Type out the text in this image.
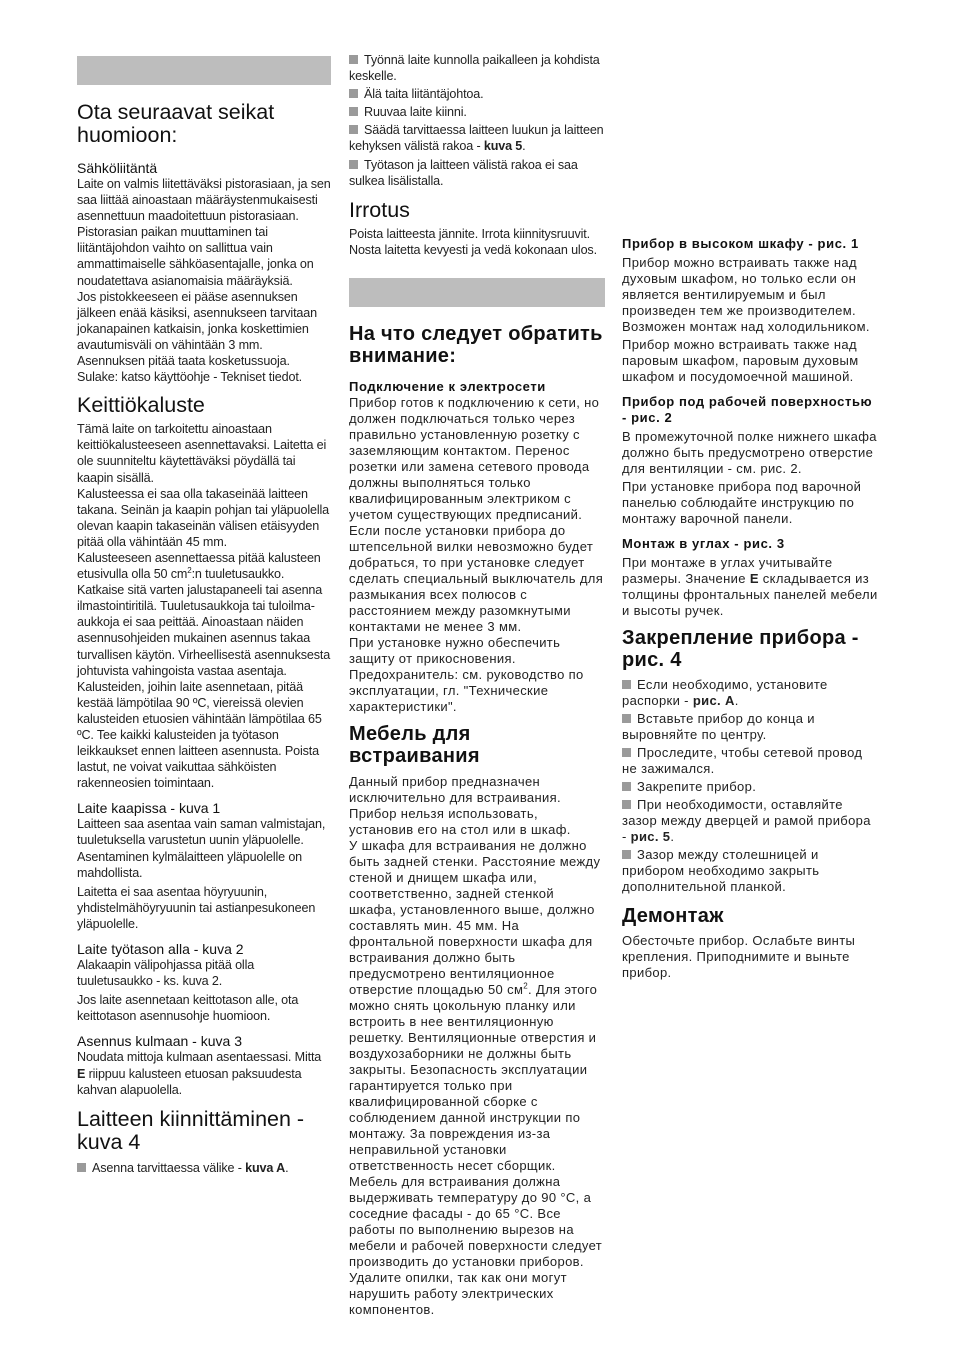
Ota seuraavat seikat huomioon:
Sähköliitäntä

Laite on valmis liitettäväksi pistorasiaan, ja sen saa liittää ainoastaan määräystenmukaisesti asennettuun maadoitettuun pistorasiaan. Pistorasian paikan muuttaminen tai liitäntäjohdon vaihto on sallittua vain ammattimaiselle sähköasentajalle, jonka on noudatettava asianomaisia määräyksiä.

Jos pistokkeeseen ei pääse asennuksen jälkeen enää käsiksi, asennukseen tarvitaan jokanapainen katkaisin, jonka koskettimien avautumisväli on vähintään 3 mm.

Asennuksen pitää taata kosketussuoja. Sulake: katso käyttöohje - Tekniset tiedot.

Keittiökaluste

Tämä laite on tarkoitettu ainoastaan keittiökalusteeseen asennettavaksi. Laitetta ei ole suunniteltu käytettäväksi pöydällä tai kaapin sisällä.

Kalusteessa ei saa olla takaseinää laitteen takana. Seinän ja kaapin pohjan tai yläpuolella olevan kaapin takaseinän välisen etäisyyden pitää olla vähintään 45 mm.

Kalusteeseen asennettaessa pitää kalusteen etusivulla olla 50 $cm^2:n$ tuuletusaukko. Katkaise sitä varten jalustapaneeli tai asenna ilmastointiritilä. Tuuletusaukkoja tai tuloilma-aukkoja ei saa peittää. Ainoastaan näiden asennusohjeiden mukainen asennus takaa turvallisen käytön. Virheellisestä asennuksesta johtuvista vahingoista vastaa asentaja. Kalusteiden, joihin laite asennetaan, pitää kestää lämpötilaa 90 ºC, viereissä olevien kalusteiden etuosien vähintään lämpötilaa 65 ºC. Tee kaikki kalusteiden ja työtason leikkaukset ennen laitteen asennusta. Poista lastut, ne voivat vaikuttaa sähköisten rakenneosien toimintaan.

Laite kaapissa - kuva 1

Laitteen saa asentaa vain saman valmistajan, tuuletuksella varustetun uunin yläpuolelle. Asentaminen kylmälaitteen yläpuolelle on mahdollista.

Laitetta ei saa asentaa höyryuunin, yhdistelmähöyryuunin tai astianpesukoneen yläpuolelle.

Laite työtason alla - kuva 2

Alakaapin välipohjassa pitää olla tuuletusaukko - ks. kuva 2.

Jos laite asennetaan keittotason alle, ota keittotason asennusohje huomioon.

Asennus kulmaan - kuva 3

Noudata mittoja kulmaan asentaessasi. Mitta E riippuu kalusteen etuosan paksuudesta kahvan alapuolella.

Laitteen kiinnittäminen - kuva 4
Asenna tarvittaessa välike - kuva A.
Työnnä laite kunnolla paikalleen ja kohdista keskelle.
Älä taita liitäntäjohtoa.
Ruuvaa laite kiinni.
Säädä tarvittaessa laitteen luukun ja laitteen kehyksen välistä rakoa - kuva 5.
Työtason ja laitteen välistä rakoa ei saa sulkea lisälistalla.
Irrotus

Poista laitteesta jännite. Irrota kiinnitysruuvit. Nosta laitetta kevyesti ja vedä kokonaan ulos.

На что следует обратить внимание:
Подключение к электросети

Прибор готов к подключению к сети, но должен подключаться только через правильно установленную розетку с заземляющим контактом. Перенос розетки или замена сетевого провода должны выполняться только квалифицированным электриком с учетом существующих предписаний.

Если после установки прибора до штепсельной вилки невозможно будет добраться, то при установке следует сделать специальный выключатель для размыкания всех полюсов с расстоянием между разомкнутыми контактами не менее 3 мм.

При установке нужно обеспечить защиту от прикосновения. Предохранитель: см. руководство по эксплуатации, гл. "Технические характеристики".

Мебель для встраивания

Данный прибор предназначен исключительно для встраивания. Прибор нельзя использовать, установив его на стол или в шкаф.

У шкафа для встраивания не должно быть задней стенки. Расстояние между стеной и днищем шкафа или, соответственно, задней стенкой шкафа, установленного выше, должно составлять мин. 45 мм. На фронтальной поверхности шкафа для встраивания должно быть предусмотрено вентиляционное отверстие площадью 50 $см^2$. Для этого можно снять цокольную планку или встроить в нее вентиляционную решетку. Вентиляционные отверстия и воздухозаборники не должны быть закрыты. Безопасность эксплуатации гарантируется только при квалифицированной сборке с соблюдением данной инструкции по монтажу. За повреждения из-за неправильной установки ответственность несет сборщик. Мебель для встраивания должна выдерживать температуру до 90 °C, а соседние фасады - до 65 °C. Все работы по выполнению вырезов на мебели и рабочей поверхности следует производить до установки приборов. Удалите опилки, так как они могут нарушить работу электрических компонентов.

Прибор в высоком шкафу - рис. 1

Прибор можно встраивать также над духовым шкафом, но только если он является вентилируемым и был произведен тем же производителем. Возможен монтаж над холодильником.

Прибор можно встраивать также над паровым шкафом, паровым духовым шкафом и посудомоечной машиной.

Прибор под рабочей поверхностью - рис. 2

В промежуточной полке нижнего шкафа должно быть предусмотрено отверстие для вентиляции - см. рис. 2.

При установке прибора под варочной панелью соблюдайте инструкцию по монтажу варочной панели.

Монтаж в углах - рис. 3

При монтаже в углах учитывайте размеры. Значение E складывается из толщины фронтальных панелей мебели и высоты ручек.

Закрепление прибора - рис. 4
Если необходимо, установите распорки - рис. A.
Вставьте прибор до конца и выровняйте по центру.
Проследите, чтобы сетевой провод не зажимался.
Закрепите прибор.
При необходимости, оставляйте зазор между дверцей и рамой прибора - рис. 5.
Зазор между столешницей и прибором необходимо закрыть дополнительной планкой.
Демонтаж

Обесточьте прибор. Ослабьте винты крепления. Приподнимите и выньте прибор.
